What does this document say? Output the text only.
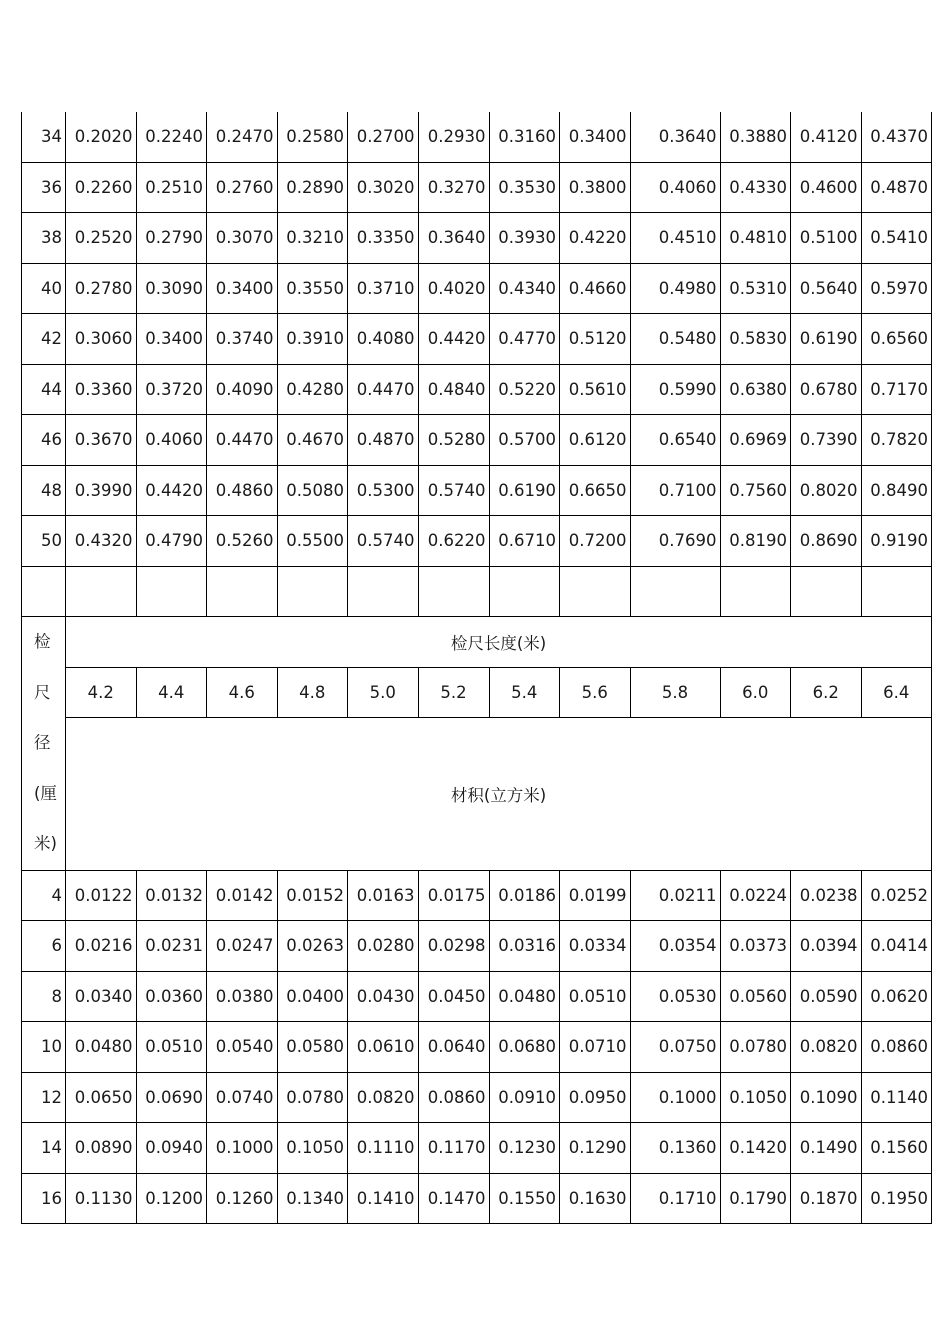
34	0.2020	0.2240	0.2470	0.2580	0.2700	0.2930	0.3160	0.3400	0.3640	0.3880	0.4120	0.4370
36	0.2260	0.2510	0.2760	0.2890	0.3020	0.3270	0.3530	0.3800	0.4060	0.4330	0.4600	0.4870
38	0.2520	0.2790	0.3070	0.3210	0.3350	0.3640	0.3930	0.4220	0.4510	0.4810	0.5100	0.5410
40	0.2780	0.3090	0.3400	0.3550	0.3710	0.4020	0.4340	0.4660	0.4980	0.5310	0.5640	0.5970
42	0.3060	0.3400	0.3740	0.3910	0.4080	0.4420	0.4770	0.5120	0.5480	0.5830	0.6190	0.6560
44	0.3360	0.3720	0.4090	0.4280	0.4470	0.4840	0.5220	0.5610	0.5990	0.6380	0.6780	0.7170
46	0.3670	0.4060	0.4470	0.4670	0.4870	0.5280	0.5700	0.6120	0.6540	0.6969	0.7390	0.7820
48	0.3990	0.4420	0.4860	0.5080	0.5300	0.5740	0.6190	0.6650	0.7100	0.7560	0.8020	0.8490
50	0.4320	0.4790	0.5260	0.5500	0.5740	0.6220	0.6710	0.7200	0.7690	0.8190	0.8690	0.9190

检
尺
径
(厘
米)	检尺长度(米)											
	4.2	4.4	4.6	4.8	5.0	5.2	5.4	5.6	5.8	6.0	6.2	6.4
	材积(立方米)											

4	0.0122	0.0132	0.0142	0.0152	0.0163	0.0175	0.0186	0.0199	0.0211	0.0224	0.0238	0.0252
6	0.0216	0.0231	0.0247	0.0263	0.0280	0.0298	0.0316	0.0334	0.0354	0.0373	0.0394	0.0414
8	0.0340	0.0360	0.0380	0.0400	0.0430	0.0450	0.0480	0.0510	0.0530	0.0560	0.0590	0.0620
10	0.0480	0.0510	0.0540	0.0580	0.0610	0.0640	0.0680	0.0710	0.0750	0.0780	0.0820	0.0860
12	0.0650	0.0690	0.0740	0.0780	0.0820	0.0860	0.0910	0.0950	0.1000	0.1050	0.1090	0.1140
14	0.0890	0.0940	0.1000	0.1050	0.1110	0.1170	0.1230	0.1290	0.1360	0.1420	0.1490	0.1560
16	0.1130	0.1200	0.1260	0.1340	0.1410	0.1470	0.1550	0.1630	0.1710	0.1790	0.1870	0.1950
